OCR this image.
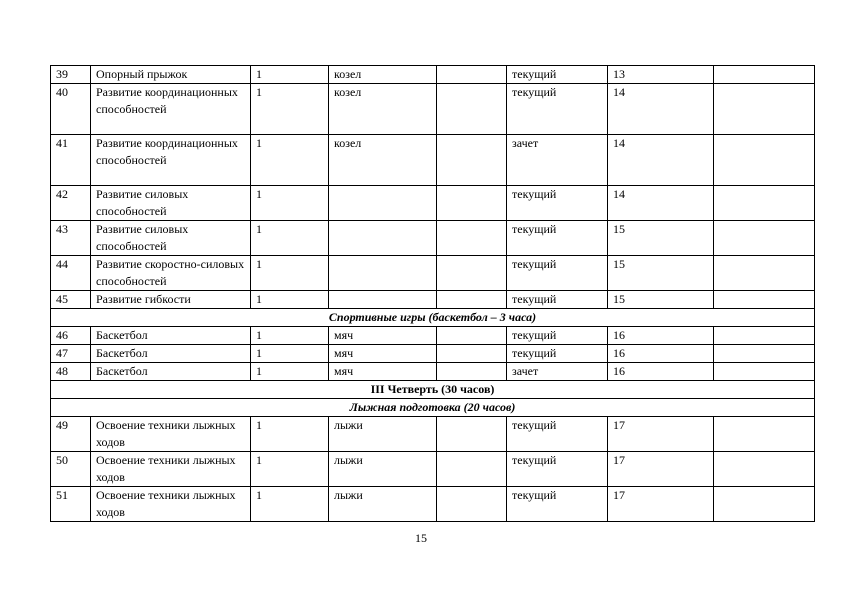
39	Опорный прыжок	1	козел		текущий	13	
40	Развитие координационных способностей	1	козел		текущий	14	
41	Развитие координационных способностей	1	козел		зачет	14	
42	Развитие силовых способностей	1			текущий	14	
43	Развитие силовых способностей	1			текущий	15	
44	Развитие скоростно-силовых способностей	1			текущий	15	
45	Развитие гибкости	1			текущий	15	
Спортивные игры (баскетбол – 3 часа)							
46	Баскетбол	1	мяч		текущий	16	
47	Баскетбол	1	мяч		текущий	16	
48	Баскетбол	1	мяч		зачет	16	
III Четверть (30 часов)							
Лыжная подготовка (20 часов)							
49	Освоение техники лыжных ходов	1	лыжи		текущий	17	
50	Освоение техники лыжных ходов	1	лыжи		текущий	17	
51	Освоение техники лыжных ходов	1	лыжи		текущий	17	
15
